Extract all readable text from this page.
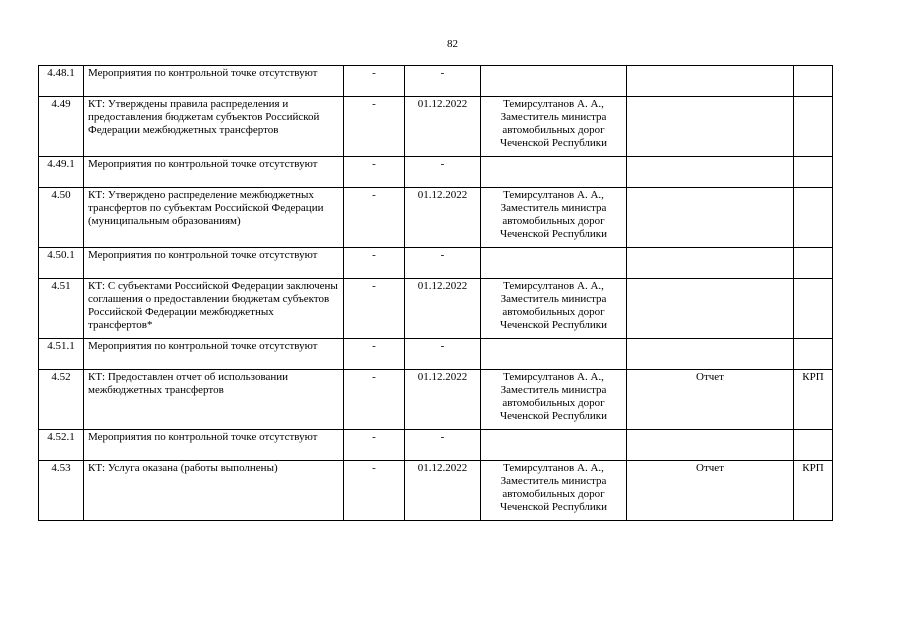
82
4.48.1	Мероприятия по контрольной точке отсутствуют	-	-			
4.49	КТ: Утверждены правила распределения и предоставления бюджетам субъектов Российской Федерации межбюджетных трансфертов	-	01.12.2022	Темирсултанов А. А., Заместитель министра автомобильных дорог Чеченской Республики		
4.49.1	Мероприятия по контрольной точке отсутствуют	-	-			
4.50	КТ: Утверждено распределение межбюджетных трансфертов по субъектам Российской Федерации (муниципальным образованиям)	-	01.12.2022	Темирсултанов А. А., Заместитель министра автомобильных дорог Чеченской Республики		
4.50.1	Мероприятия по контрольной точке отсутствуют	-	-			
4.51	КТ: С субъектами Российской Федерации заключены соглашения о предоставлении бюджетам субъектов Российской Федерации межбюджетных трансфертов*	-	01.12.2022	Темирсултанов А. А., Заместитель министра автомобильных дорог Чеченской Республики		
4.51.1	Мероприятия по контрольной точке отсутствуют	-	-			
4.52	КТ: Предоставлен отчет об использовании межбюджетных трансфертов	-	01.12.2022	Темирсултанов А. А., Заместитель министра автомобильных дорог Чеченской Республики	Отчет	КРП
4.52.1	Мероприятия по контрольной точке отсутствуют	-	-			
4.53	КТ: Услуга оказана (работы выполнены)	-	01.12.2022	Темирсултанов А. А., Заместитель министра автомобильных дорог Чеченской Республики	Отчет	КРП
